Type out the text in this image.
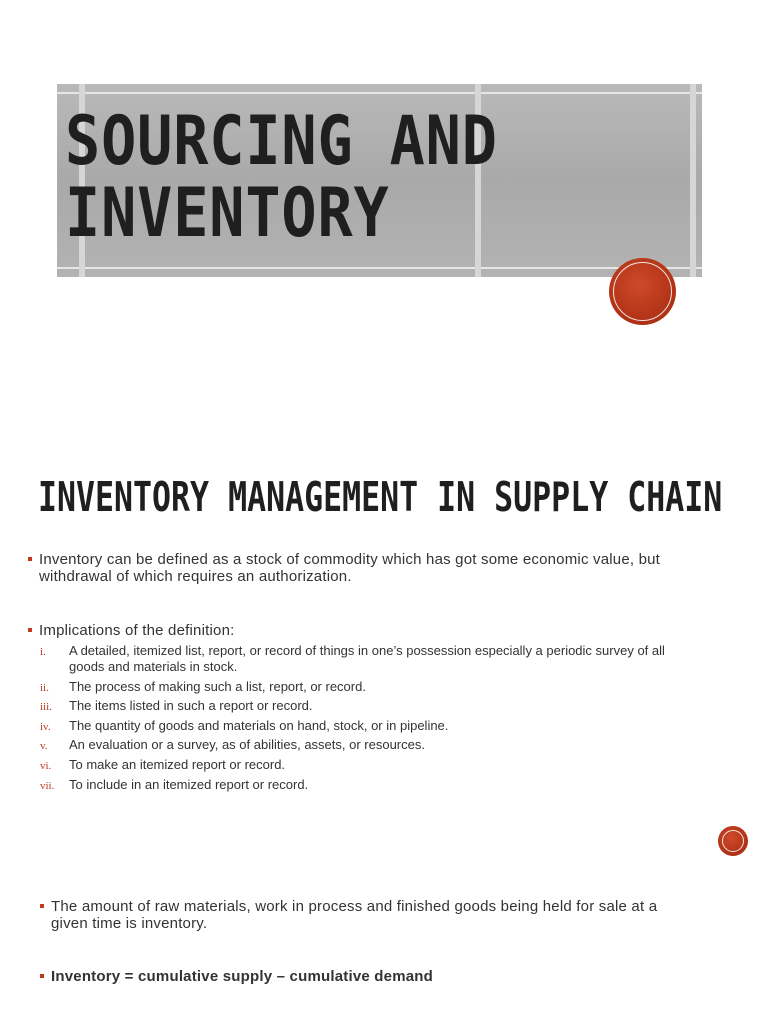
SOURCING AND
INVENTORY
INVENTORY MANAGEMENT IN SUPPLY CHAIN
Inventory can be defined as a stock of commodity which has got some economic value, but withdrawal of which requires an authorization.
Implications of the definition:
i.	A detailed, itemized list, report, or record of things in one’s possession especially a periodic survey of all goods and materials in stock.
ii.	The process of making such a list, report, or record.
iii.	The items listed in such a report or record.
iv.	The quantity of goods and materials on hand, stock, or in pipeline.
v.	An evaluation or a survey, as of abilities, assets, or resources.
vi.	To make an itemized report or record.
vii.	To include in an itemized report or record.
The amount of raw materials, work in process and finished goods being held for sale at a given time is inventory.
Inventory = cumulative supply – cumulative demand
